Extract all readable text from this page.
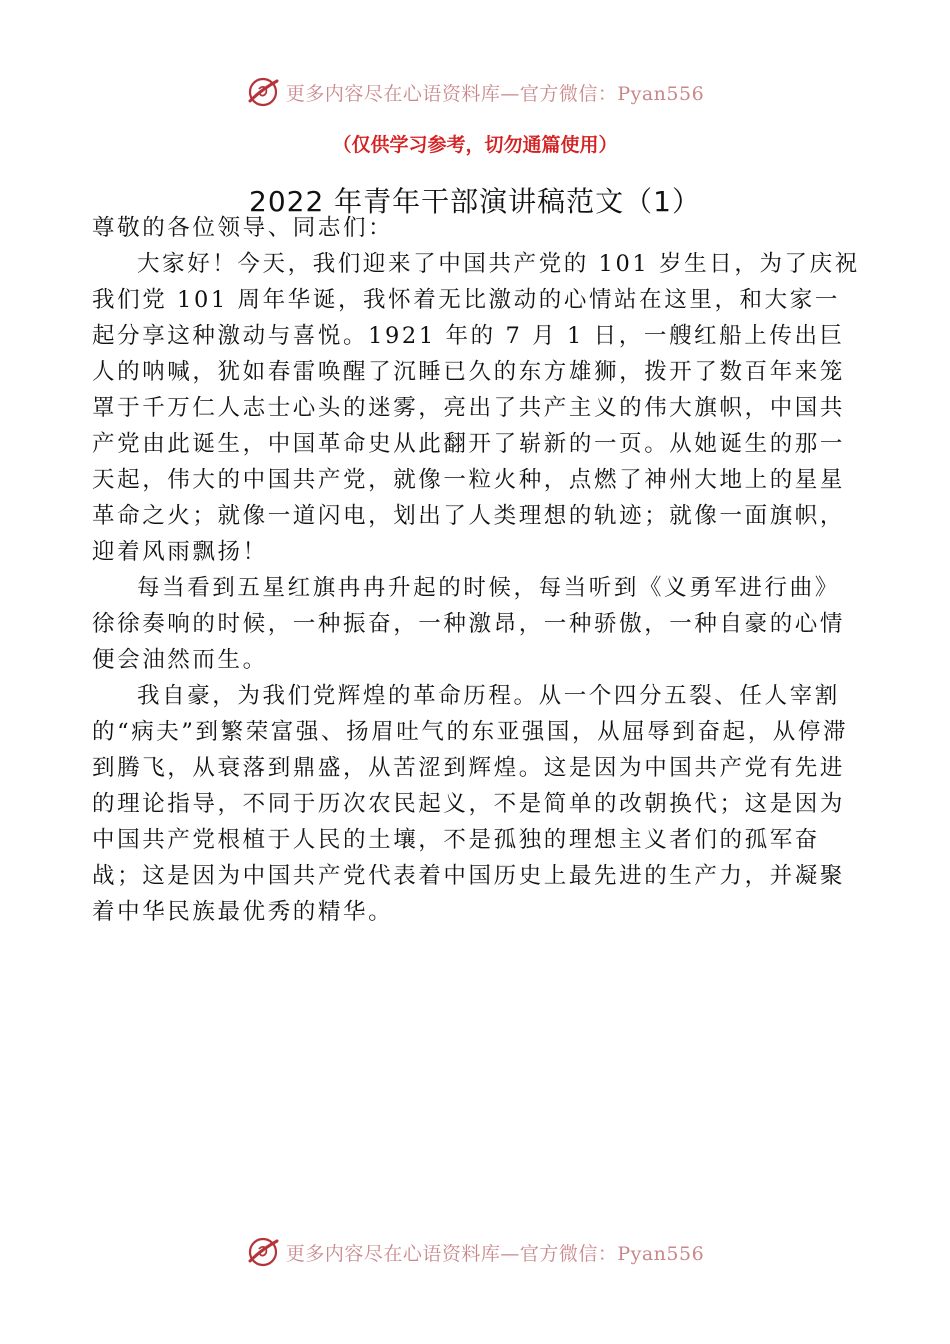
更多内容尽在心语资料库—官方微信：Pyan556
（仅供学习参考，切勿通篇使用）
2022 年青年干部演讲稿范文（1）

尊敬的各位领导、同志们：

大家好！今天，我们迎来了中国共产党的 101 岁生日，为了庆祝我们党 101 周年华诞，我怀着无比激动的心情站在这里，和大家一起分享这种激动与喜悦。1921 年的 7 月 1 日，一艘红船上传出巨人的呐喊，犹如春雷唤醒了沉睡已久的东方雄狮，拨开了数百年来笼罩于千万仁人志士心头的迷雾，亮出了共产主义的伟大旗帜，中国共产党由此诞生，中国革命史从此翻开了崭新的一页。从她诞生的那一天起，伟大的中国共产党，就像一粒火种，点燃了神州大地上的星星革命之火；就像一道闪电，划出了人类理想的轨迹；就像一面旗帜，迎着风雨飘扬！

每当看到五星红旗冉冉升起的时候，每当听到《义勇军进行曲》徐徐奏响的时候，一种振奋，一种激昂，一种骄傲，一种自豪的心情便会油然而生。

我自豪，为我们党辉煌的革命历程。从一个四分五裂、任人宰割的“病夫”到繁荣富强、扬眉吐气的东亚强国，从屈辱到奋起，从停滞到腾飞，从衰落到鼎盛，从苦涩到辉煌。这是因为中国共产党有先进的理论指导，不同于历次农民起义，不是简单的改朝换代；这是因为中国共产党根植于人民的土壤，不是孤独的理想主义者们的孤军奋战；这是因为中国共产党代表着中国历史上最先进的生产力，并凝聚着中华民族最优秀的精华。

更多内容尽在心语资料库—官方微信：Pyan556
